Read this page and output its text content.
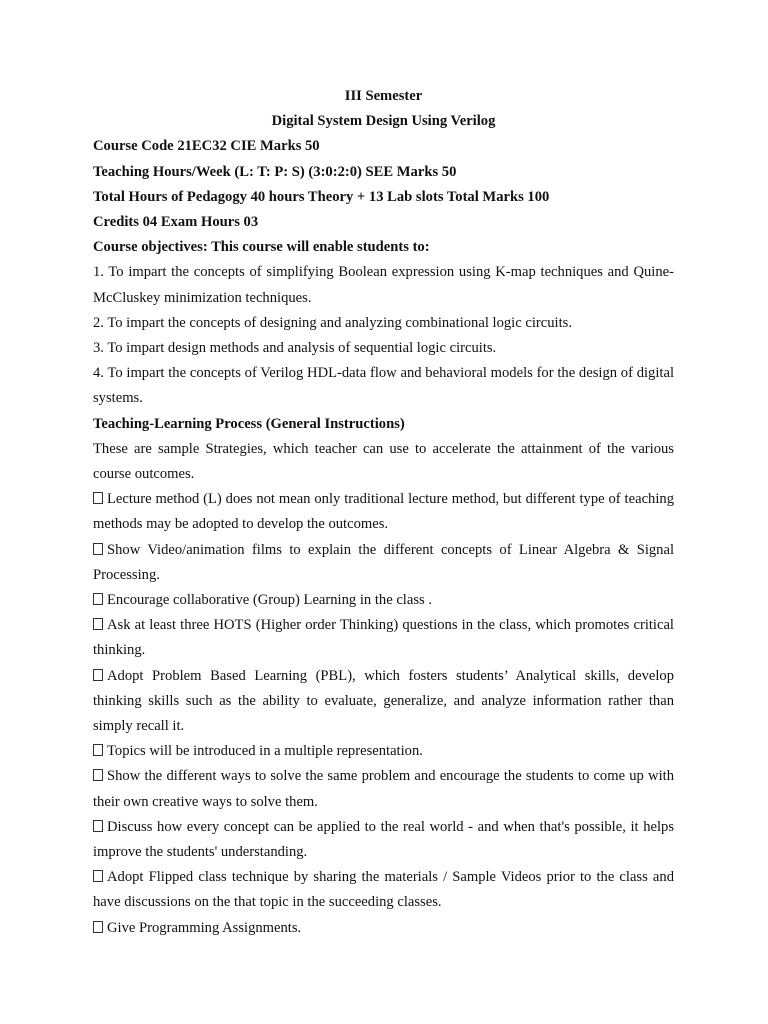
III Semester
Digital System Design Using Verilog
Course Code 21EC32 CIE Marks 50
Teaching Hours/Week (L: T: P: S) (3:0:2:0) SEE Marks 50
Total Hours of Pedagogy 40 hours Theory + 13 Lab slots Total Marks 100
Credits 04 Exam Hours 03
Course objectives: This course will enable students to:
1. To impart the concepts of simplifying Boolean expression using K-map techniques and Quine-McCluskey minimization techniques.
2. To impart the concepts of designing and analyzing combinational logic circuits.
3. To impart design methods and analysis of sequential logic circuits.
4. To impart the concepts of Verilog HDL-data flow and behavioral models for the design of digital systems.
Teaching-Learning Process (General Instructions)
These are sample Strategies, which teacher can use to accelerate the attainment of the various course outcomes.
Lecture method (L) does not mean only traditional lecture method, but different type of teaching methods may be adopted to develop the outcomes.
Show Video/animation films to explain the different concepts of Linear Algebra & Signal Processing.
Encourage collaborative (Group) Learning in the class .
Ask at least three HOTS (Higher order Thinking) questions in the class, which promotes critical thinking.
Adopt Problem Based Learning (PBL), which fosters students’ Analytical skills, develop thinking skills such as the ability to evaluate, generalize, and analyze information rather than simply recall it.
Topics will be introduced in a multiple representation.
Show the different ways to solve the same problem and encourage the students to come up with their own creative ways to solve them.
Discuss how every concept can be applied to the real world - and when that's possible, it helps improve the students' understanding.
Adopt Flipped class technique by sharing the materials / Sample Videos prior to the class and have discussions on the that topic in the succeeding classes.
Give Programming Assignments.
